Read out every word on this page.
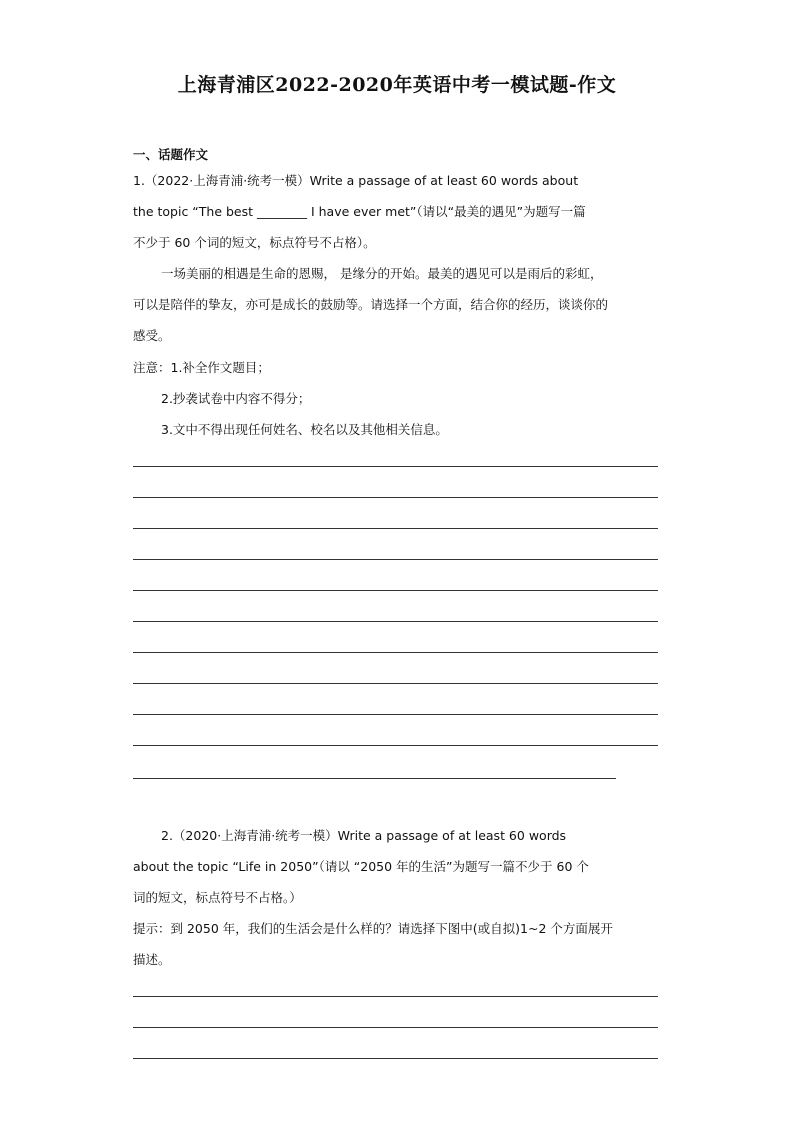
上海青浦区2022-2020年英语中考一模试题-作文
一、话题作文
1.（2022·上海青浦·统考一模）Write a passage of at least 60 words about
the topic “The best ________ I have ever met”（请以“最美的遇见”为题写一篇
不少于 60 个词的短文，标点符号不占格）。
一场美丽的相遇是生命的恩赐， 是缘分的开始。最美的遇见可以是雨后的彩虹，
可以是陪伴的挚友，亦可是成长的鼓励等。请选择一个方面，结合你的经历，谈谈你的
感受。
注意：1.补全作文题目；
2.抄袭试卷中内容不得分；
3.文中不得出现任何姓名、校名以及其他相关信息。
2.（2020·上海青浦·统考一模）Write a passage of at least 60 words
about the topic “Life in 2050”（请以 “2050 年的生活”为题写一篇不少于 60 个
词的短文，标点符号不占格。）
提示：到 2050 年，我们的生活会是什么样的？请选择下图中(或自拟)1~2 个方面展开
描述。
